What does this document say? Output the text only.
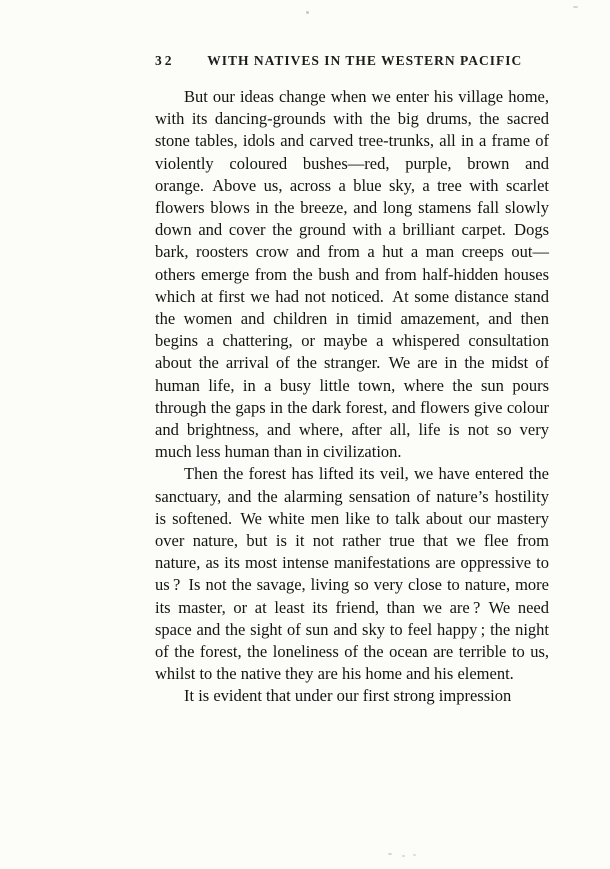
32	WITH NATIVES IN THE WESTERN PACIFIC

But our ideas change when we enter his village home, with its dancing-grounds with the big drums, the sacred stone tables, idols and carved tree-trunks, all in a frame of violently coloured bushes—red, purple, brown and orange. Above us, across a blue sky, a tree with scarlet flowers blows in the breeze, and long stamens fall slowly down and cover the ground with a brilliant carpet. Dogs bark, roosters crow and from a hut a man creeps out—others emerge from the bush and from half-hidden houses which at first we had not noticed. At some distance stand the women and children in timid amazement, and then begins a chattering, or maybe a whispered consultation about the arrival of the stranger. We are in the midst of human life, in a busy little town, where the sun pours through the gaps in the dark forest, and flowers give colour and brightness, and where, after all, life is not so very much less human than in civilization.

Then the forest has lifted its veil, we have entered the sanctuary, and the alarming sensation of nature’s hostility is softened. We white men like to talk about our mastery over nature, but is it not rather true that we flee from nature, as its most intense manifestations are oppressive to us ? Is not the savage, living so very close to nature, more its master, or at least its friend, than we are ? We need space and the sight of sun and sky to feel happy ; the night of the forest, the loneliness of the ocean are terrible to us, whilst to the native they are his home and his element.

It is evident that under our first strong impression
